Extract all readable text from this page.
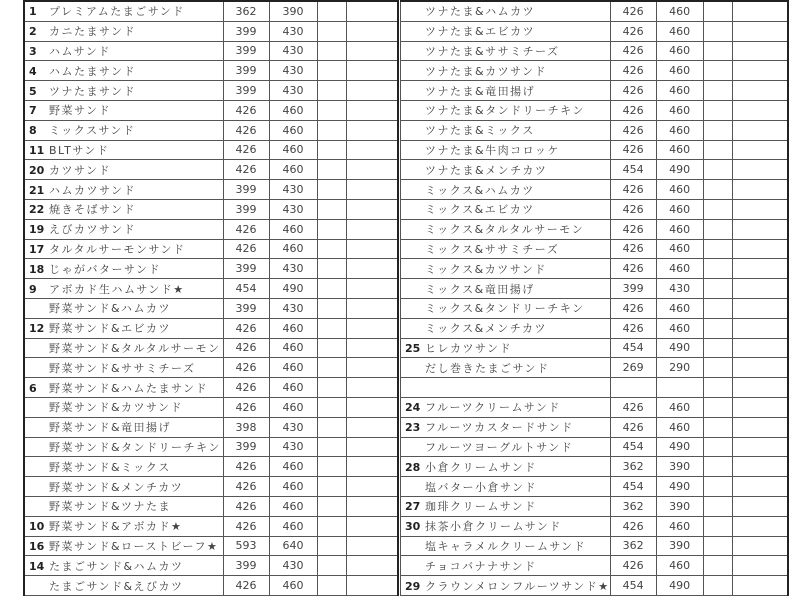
1 プレミアムたまごサンド	362	390		
2 カニたまサンド	399	430		
3 ハムサンド	399	430		
4 ハムたまサンド	399	430		
5 ツナたまサンド	399	430		
7 野菜サンド	426	460		
8 ミックスサンド	426	460		
11 BLTサンド	426	460		
20 カツサンド	426	460		
21 ハムカツサンド	399	430		
22 焼きそばサンド	399	430		
19 えびカツサンド	426	460		
17 タルタルサーモンサンド	426	460		
18 じゃがバターサンド	399	430		
9 アボカド生ハムサンド★	454	490		
野菜サンド&ハムカツ	399	430		
12 野菜サンド&エビカツ	426	460		
野菜サンド&タルタルサーモン	426	460		
野菜サンド&ササミチーズ	426	460		
6 野菜サンド&ハムたまサンド	426	460		
野菜サンド&カツサンド	426	460		
野菜サンド&竜田揚げ	398	430		
野菜サンド&タンドリーチキン	399	430		
野菜サンド&ミックス	426	460		
野菜サンド&メンチカツ	426	460		
野菜サンド&ツナたま	426	460		
10 野菜サンド&アボカド★	426	460		
16 野菜サンド&ローストビーフ★	593	640		
14 たまごサンド&ハムカツ	399	430		
たまごサンド&えびカツ	426	460		

ツナたま&ハムカツ	426	460		
ツナたま&エビカツ	426	460		
ツナたま&ササミチーズ	426	460		
ツナたま&カツサンド	426	460		
ツナたま&竜田揚げ	426	460		
ツナたま&タンドリーチキン	426	460		
ツナたま&ミックス	426	460		
ツナたま&牛肉コロッケ	426	460		
ツナたま&メンチカツ	454	490		
ミックス&ハムカツ	426	460		
ミックス&エビカツ	426	460		
ミックス&タルタルサーモン	426	460		
ミックス&ササミチーズ	426	460		
ミックス&カツサンド	426	460		
ミックス&竜田揚げ	399	430		
ミックス&タンドリーチキン	426	460		
ミックス&メンチカツ	426	460		
25 ヒレカツサンド	454	490		
だし巻きたまごサンド	269	290		

24 フルーツクリームサンド	426	460		
23 フルーツカスタードサンド	426	460		
フルーツヨーグルトサンド	454	490		
28 小倉クリームサンド	362	390		
塩バター小倉サンド	454	490		
27 珈琲クリームサンド	362	390		
30 抹茶小倉クリームサンド	426	460		
塩キャラメルクリームサンド	362	390		
チョコバナナサンド	426	460		
29 クラウンメロンフルーツサンド★	454	490		
